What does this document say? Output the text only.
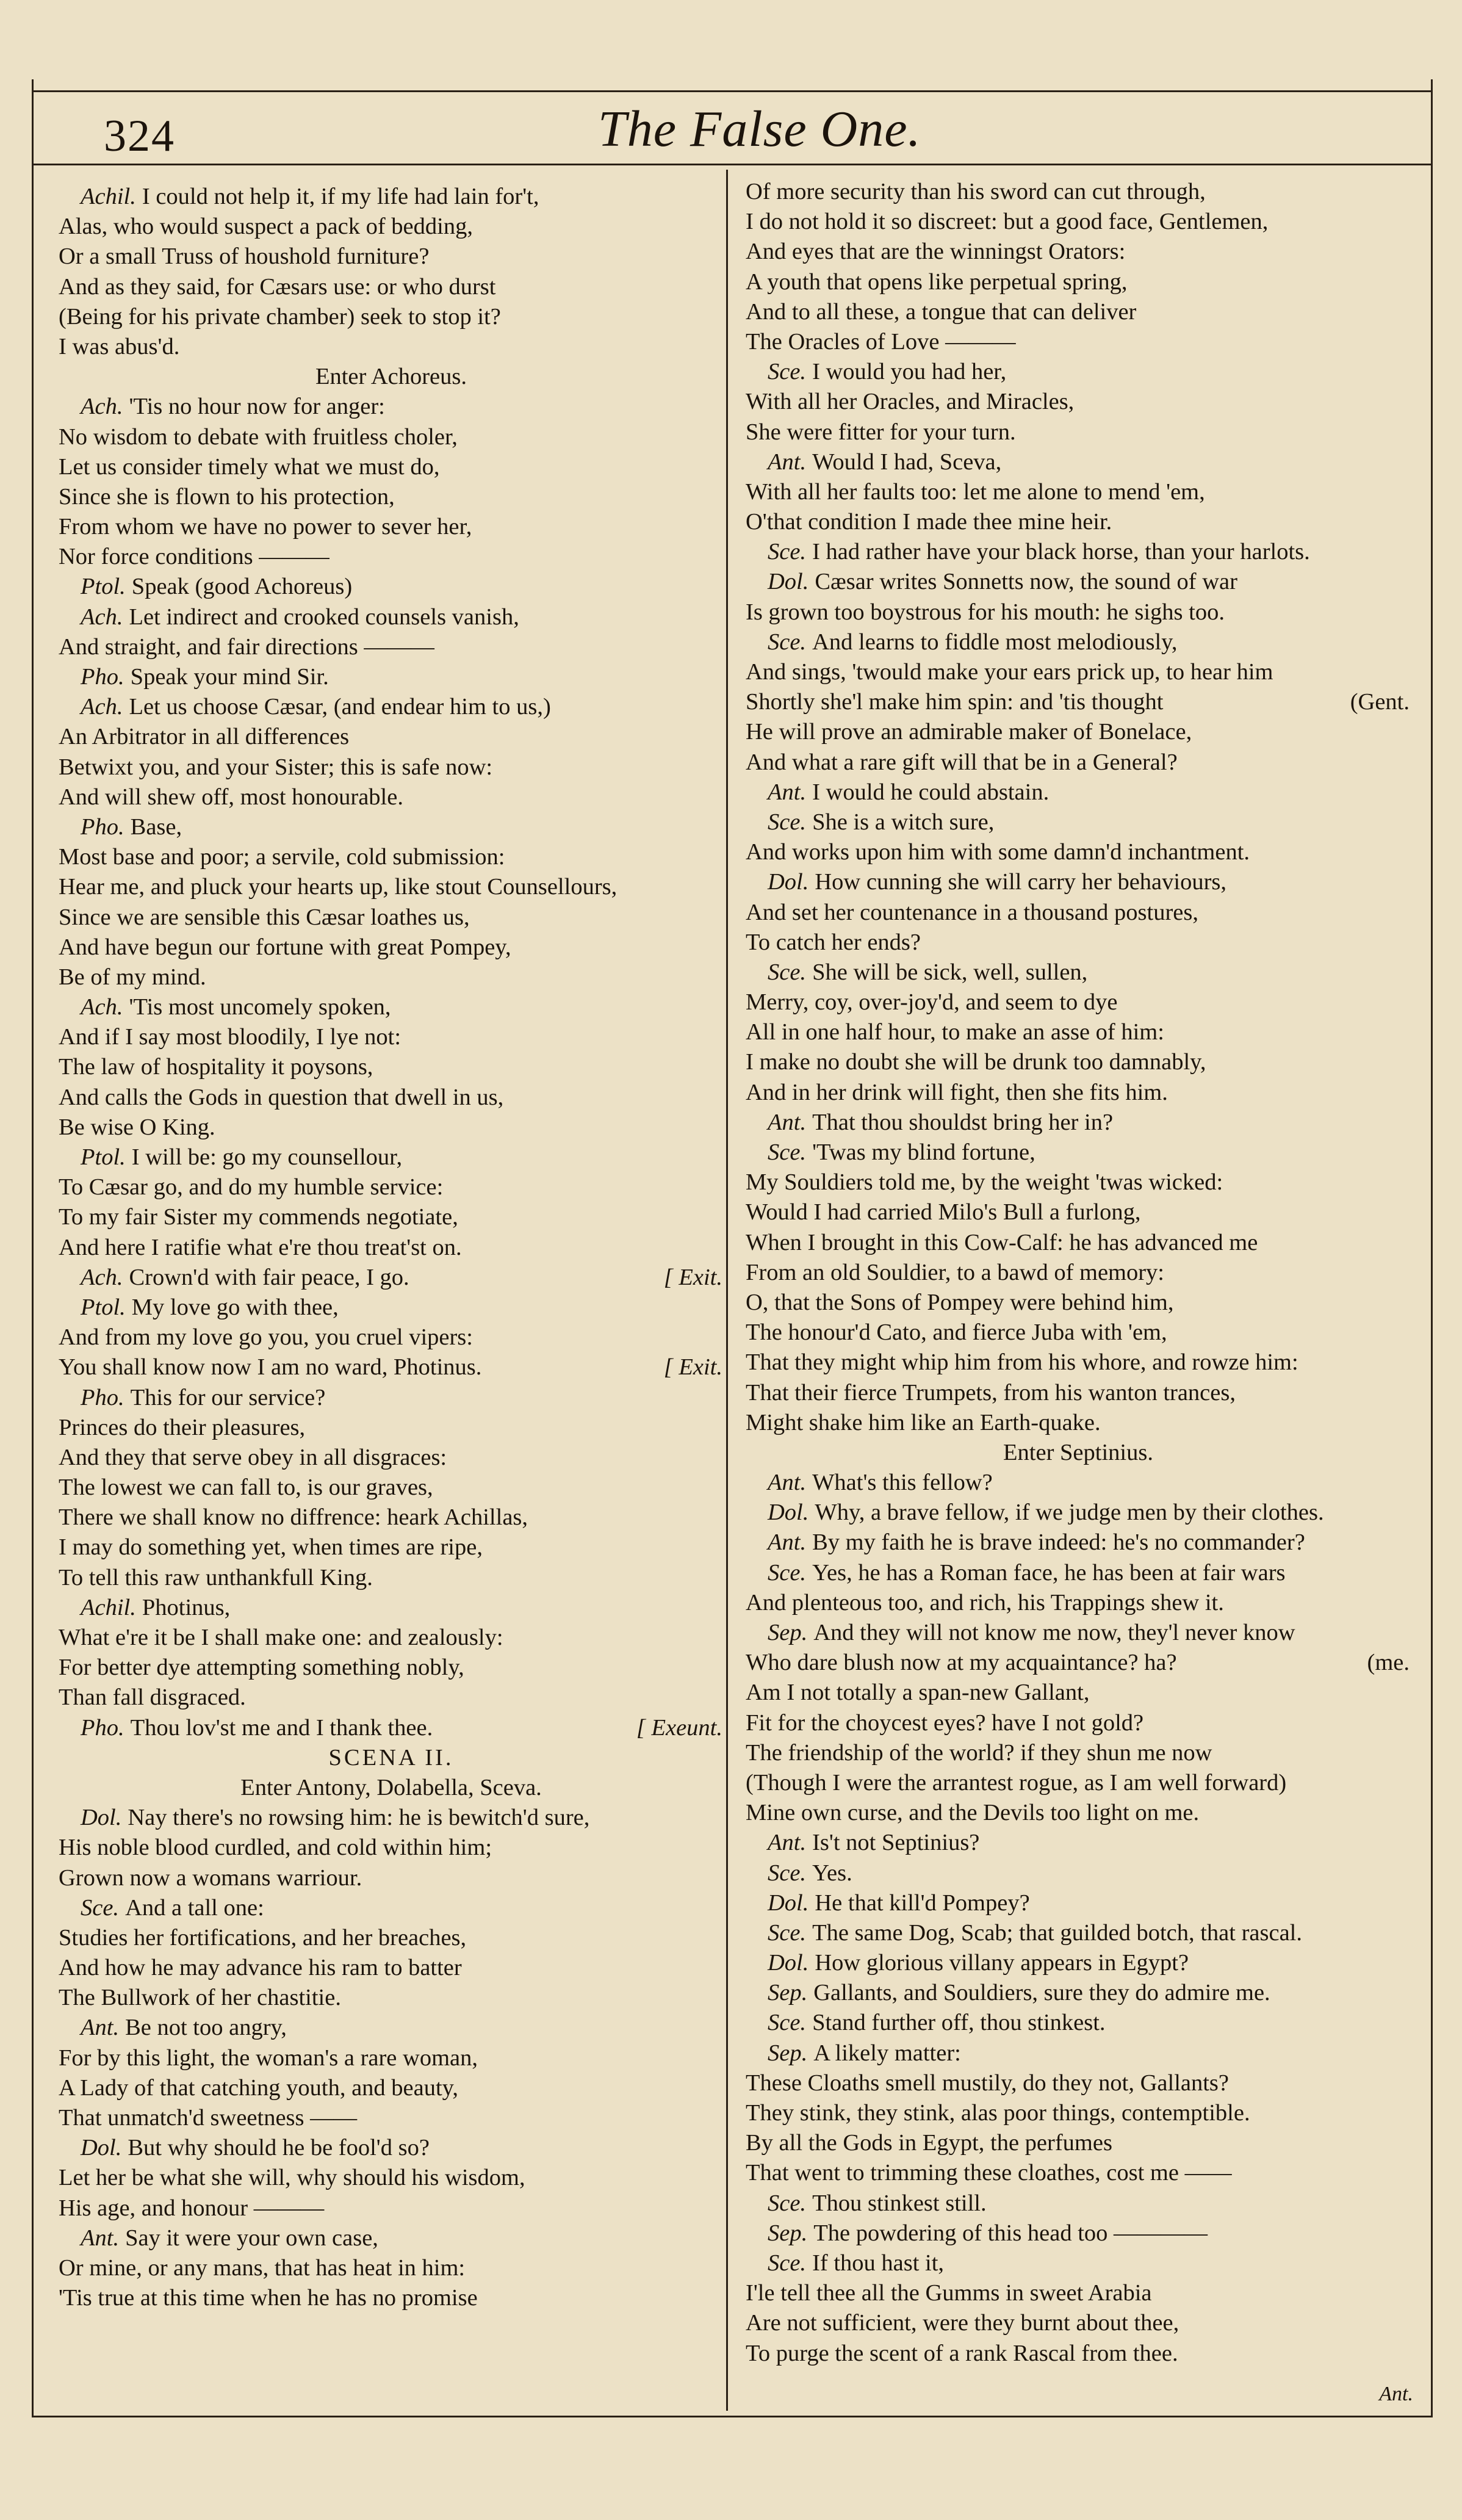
324	The False One.
Achil. I could not help it, if my life had lain for't,
Alas, who would suspect a pack of bedding,
Or a small Truss of houshold furniture?
And as they said, for Cæsars use: or who durst
(Being for his private chamber) seek to stop it?
I was abus'd.
Enter Achoreus.
Ach. 'Tis no hour now for anger:
No wisdom to debate with fruitless choler,
Let us consider timely what we must do,
Since she is flown to his protection,
From whom we have no power to sever her,
Nor force conditions ———
Ptol. Speak (good Achoreus)
Ach. Let indirect and crooked counsels vanish,
And straight, and fair directions ———
Pho. Speak your mind Sir.
Ach. Let us choose Cæsar, (and endear him to us,)
An Arbitrator in all differences
Betwixt you, and your Sister; this is safe now:
And will shew off, most honourable.
Pho. Base,
Most base and poor; a servile, cold submission:
Hear me, and pluck your hearts up, like stout Counsellours,
Since we are sensible this Cæsar loathes us,
And have begun our fortune with great Pompey,
Be of my mind.
Ach. 'Tis most uncomely spoken,
And if I say most bloodily, I lye not:
The law of hospitality it poysons,
And calls the Gods in question that dwell in us,
Be wise O King.
Ptol. I will be: go my counsellour,
To Cæsar go, and do my humble service:
To my fair Sister my commends negotiate,
And here I ratifie what e're thou treat'st on.
Ach. Crown'd with fair peace, I go.	[ Exit.
Ptol. My love go with thee,
And from my love go you, you cruel vipers:
You shall know now I am no ward, Photinus.	[ Exit.
Pho. This for our service?
Princes do their pleasures,
And they that serve obey in all disgraces:
The lowest we can fall to, is our graves,
There we shall know no diffrence: heark Achillas,
I may do something yet, when times are ripe,
To tell this raw unthankfull King.
Achil. Photinus,
What e're it be I shall make one: and zealously:
For better dye attempting something nobly,
Than fall disgraced.
Pho. Thou lov'st me and I thank thee.	[ Exeunt.
SCENA II.
Enter Antony, Dolabella, Sceva.
Dol. Nay there's no rowsing him: he is bewitch'd sure,
His noble blood curdled, and cold within him;
Grown now a womans warriour.
Sce. And a tall one:
Studies her fortifications, and her breaches,
And how he may advance his ram to batter
The Bullwork of her chastitie.
Ant. Be not too angry,
For by this light, the woman's a rare woman,
A Lady of that catching youth, and beauty,
That unmatch'd sweetness ——
Dol. But why should he be fool'd so?
Let her be what she will, why should his wisdom,
His age, and honour ———
Ant. Say it were your own case,
Or mine, or any mans, that has heat in him:
'Tis true at this time when he has no promise
Of more security than his sword can cut through,
I do not hold it so discreet: but a good face, Gentlemen,
And eyes that are the winningst Orators:
A youth that opens like perpetual spring,
And to all these, a tongue that can deliver
The Oracles of Love ———
Sce. I would you had her,
With all her Oracles, and Miracles,
She were fitter for your turn.
Ant. Would I had, Sceva,
With all her faults too: let me alone to mend 'em,
O'that condition I made thee mine heir.
Sce. I had rather have your black horse, than your harlots.
Dol. Cæsar writes Sonnetts now, the sound of war
Is grown too boystrous for his mouth: he sighs too.
Sce. And learns to fiddle most melodiously,
And sings, 'twould make your ears prick up, to hear him
Shortly she'l make him spin: and 'tis thought	(Gent.
He will prove an admirable maker of Bonelace,
And what a rare gift will that be in a General?
Ant. I would he could abstain.
Sce. She is a witch sure,
And works upon him with some damn'd inchantment.
Dol. How cunning she will carry her behaviours,
And set her countenance in a thousand postures,
To catch her ends?
Sce. She will be sick, well, sullen,
Merry, coy, over-joy'd, and seem to dye
All in one half hour, to make an asse of him:
I make no doubt she will be drunk too damnably,
And in her drink will fight, then she fits him.
Ant. That thou shouldst bring her in?
Sce. 'Twas my blind fortune,
My Souldiers told me, by the weight 'twas wicked:
Would I had carried Milo's Bull a furlong,
When I brought in this Cow-Calf: he has advanced me
From an old Souldier, to a bawd of memory:
O, that the Sons of Pompey were behind him,
The honour'd Cato, and fierce Juba with 'em,
That they might whip him from his whore, and rowze him:
That their fierce Trumpets, from his wanton trances,
Might shake him like an Earth-quake.
Enter Septinius.
Ant. What's this fellow?
Dol. Why, a brave fellow, if we judge men by their clothes.
Ant. By my faith he is brave indeed: he's no commander?
Sce. Yes, he has a Roman face, he has been at fair wars
And plenteous too, and rich, his Trappings shew it.
Sep. And they will not know me now, they'l never know
Who dare blush now at my acquaintance? ha?	(me.
Am I not totally a span-new Gallant,
Fit for the choycest eyes? have I not gold?
The friendship of the world? if they shun me now
(Though I were the arrantest rogue, as I am well forward)
Mine own curse, and the Devils too light on me.
Ant. Is't not Septinius?
Sce. Yes.
Dol. He that kill'd Pompey?
Sce. The same Dog, Scab; that guilded botch, that rascal.
Dol. How glorious villany appears in Egypt?
Sep. Gallants, and Souldiers, sure they do admire me.
Sce. Stand further off, thou stinkest.
Sep. A likely matter:
These Cloaths smell mustily, do they not, Gallants?
They stink, they stink, alas poor things, contemptible.
By all the Gods in Egypt, the perfumes
That went to trimming these cloathes, cost me ——
Sce. Thou stinkest still.
Sep. The powdering of this head too ————
Sce. If thou hast it,
I'le tell thee all the Gumms in sweet Arabia
Are not sufficient, were they burnt about thee,
To purge the scent of a rank Rascal from thee.
Ant.
